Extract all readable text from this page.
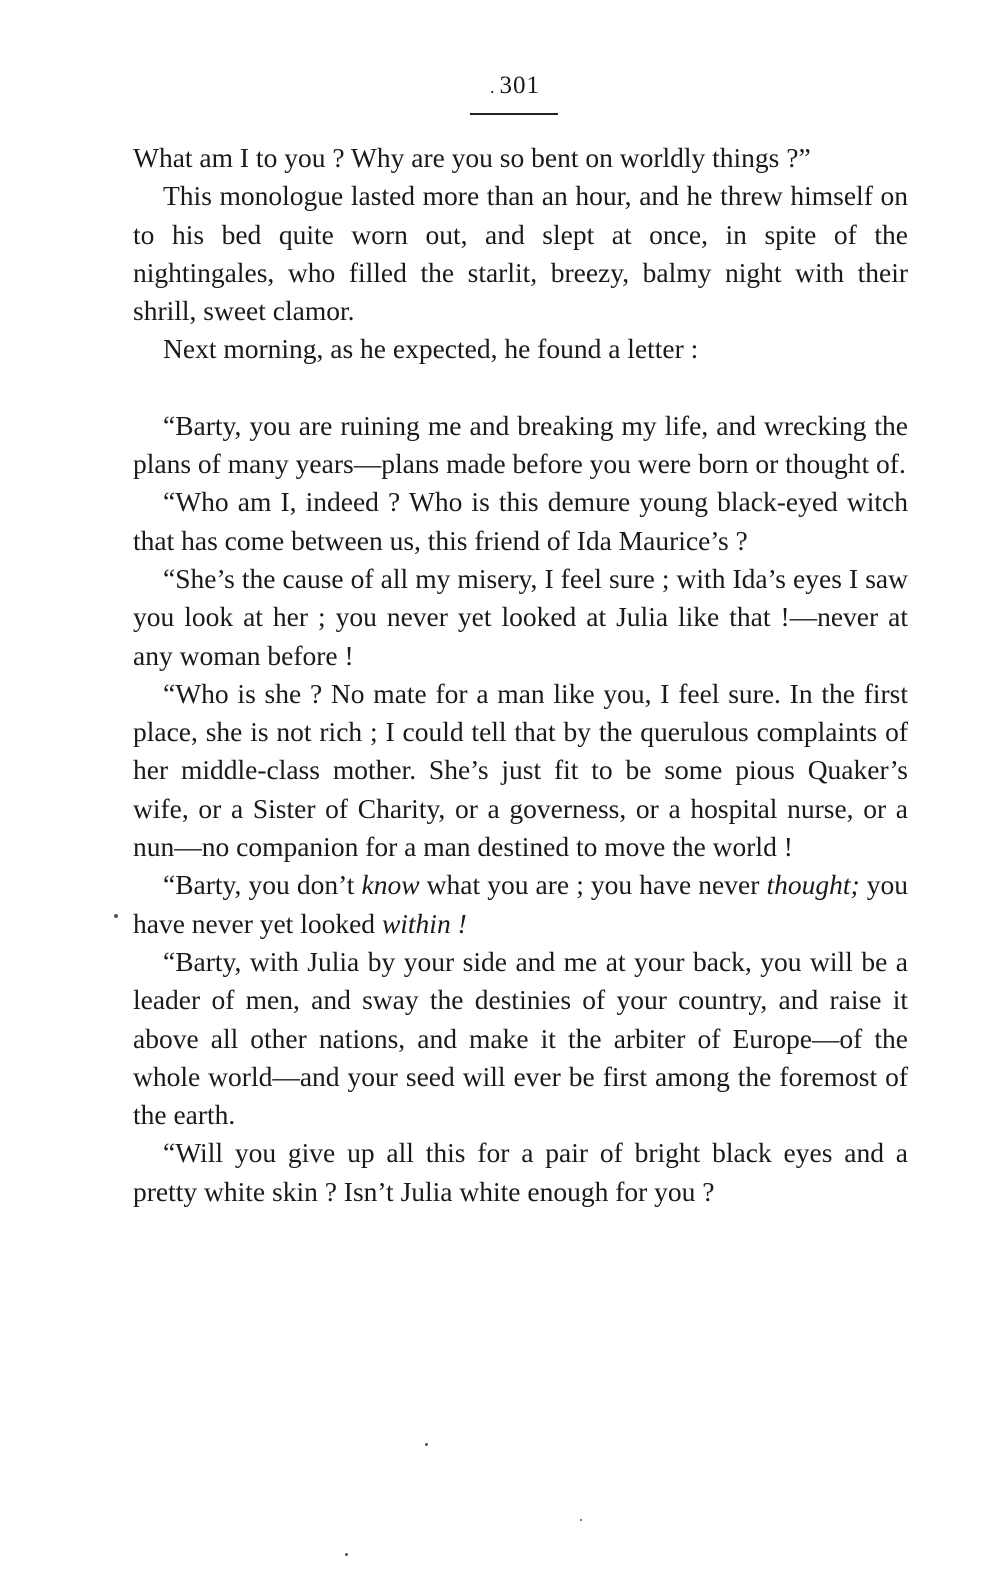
. 301

What am I to you ? Why are you so bent on worldly things ?”

This monologue lasted more than an hour, and he threw himself on to his bed quite worn out, and slept at once, in spite of the nightingales, who filled the starlit, breezy, balmy night with their shrill, sweet clamor.

Next morning, as he expected, he found a letter :

“Barty, you are ruining me and breaking my life, and wrecking the plans of many years—plans made before you were born or thought of.

“Who am I, indeed ? Who is this demure young black-eyed witch that has come between us, this friend of Ida Maurice’s ?

“She’s the cause of all my misery, I feel sure ; with Ida’s eyes I saw you look at her ; you never yet looked at Julia like that !—never at any woman before !

“Who is she ? No mate for a man like you, I feel sure. In the first place, she is not rich ; I could tell that by the querulous complaints of her middle-class mother. She’s just fit to be some pious Quaker’s wife, or a Sister of Charity, or a governess, or a hospital nurse, or a nun—no companion for a man destined to move the world !

“Barty, you don’t know what you are ; you have never thought; you have never yet looked within !

“Barty, with Julia by your side and me at your back, you will be a leader of men, and sway the destinies of your country, and raise it above all other nations, and make it the arbiter of Europe—of the whole world—and your seed will ever be first among the foremost of the earth.

“Will you give up all this for a pair of bright black eyes and a pretty white skin ? Isn’t Julia white enough for you ?
